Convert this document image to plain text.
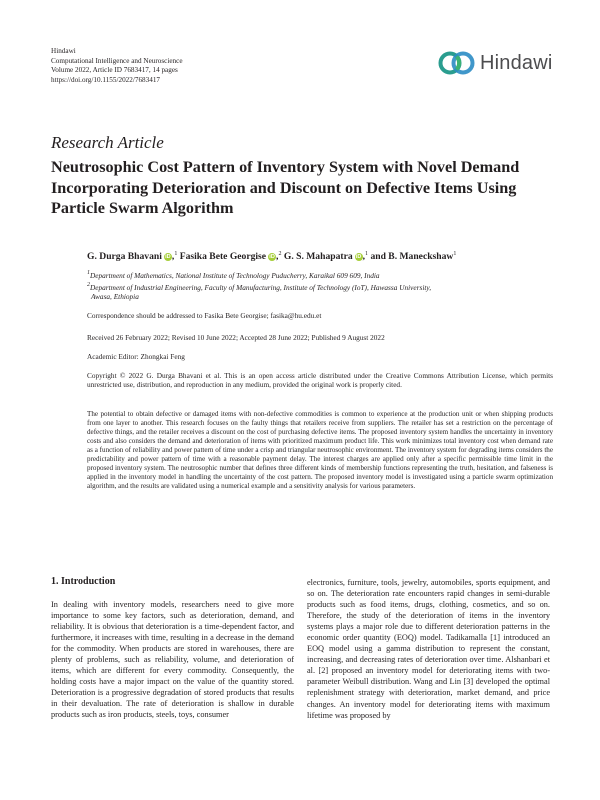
Hindawi
Computational Intelligence and Neuroscience
Volume 2022, Article ID 7683417, 14 pages
https://doi.org/10.1155/2022/7683417
Hindawi
Research Article
Neutrosophic Cost Pattern of Inventory System with Novel Demand Incorporating Deterioration and Discount on Defective Items Using Particle Swarm Algorithm
G. Durga Bhavani iD,$^1$ Fasika Bete Georgise iD,$^2$ G. S. Mahapatra iD,$^1$ and B. Maneckshaw$^1$
$^1$Department of Mathematics, National Institute of Technology Puducherry, Karaikal 609 609, India
$^2$Department of Industrial Engineering, Faculty of Manufacturing, Institute of Technology (IoT), Hawassa University,
Awasa, Ethiopia
Correspondence should be addressed to Fasika Bete Georgise; fasika@hu.edu.et
Received 26 February 2022; Revised 10 June 2022; Accepted 28 June 2022; Published 9 August 2022
Academic Editor: Zhongkai Feng

Copyright © 2022 G. Durga Bhavani et al. This is an open access article distributed under the Creative Commons Attribution License, which permits unrestricted use, distribution, and reproduction in any medium, provided the original work is properly cited.

The potential to obtain defective or damaged items with non-defective commodities is common to experience at the production unit or when shipping products from one layer to another. This research focuses on the faulty things that retailers receive from suppliers. The retailer has set a restriction on the percentage of defective things, and the retailer receives a discount on the cost of purchasing defective items. The proposed inventory system handles the uncertainty in inventory costs and also considers the demand and deterioration of items with prioritized maximum product life. This work minimizes total inventory cost when demand rate as a function of reliability and power pattern of time under a crisp and triangular neutrosophic environment. The inventory system for degrading items considers the predictability and power pattern of time with a reasonable payment delay. The interest charges are applied only after a specific permissible time limit in the proposed inventory system. The neutrosophic number that defines three different kinds of membership functions representing the truth, hesitation, and falseness is applied in the inventory model in handling the uncertainty of the cost pattern. The proposed inventory model is investigated using a particle swarm optimization algorithm, and the results are validated using a numerical example and a sensitivity analysis for various parameters.

1. Introduction

In dealing with inventory models, researchers need to give more importance to some key factors, such as deterioration, demand, and reliability. It is obvious that deterioration is a time-dependent factor, and furthermore, it increases with time, resulting in a decrease in the demand for the commodity. When products are stored in warehouses, there are plenty of problems, such as reliability, volume, and deterioration of items, which are different for every commodity. Consequently, the holding costs have a major impact on the value of the quantity stored. Deterioration is a progressive degradation of stored products that results in their devaluation. The rate of deterioration is shallow in durable products such as iron products, steels, toys, consumer

electronics, furniture, tools, jewelry, automobiles, sports equipment, and so on. The deterioration rate encounters rapid changes in semi-durable products such as food items, drugs, clothing, cosmetics, and so on. Therefore, the study of the deterioration of items in the inventory systems plays a major role due to different deterioration patterns in the economic order quantity (EOQ) model. Tadikamalla [1] introduced an EOQ model using a gamma distribution to represent the constant, increasing, and decreasing rates of deterioration over time. Alshanbari et al. [2] proposed an inventory model for deteriorating items with two-parameter Weibull distribution. Wang and Lin [3] developed the optimal replenishment strategy with deterioration, market demand, and price changes. An inventory model for deteriorating items with maximum lifetime was proposed by
